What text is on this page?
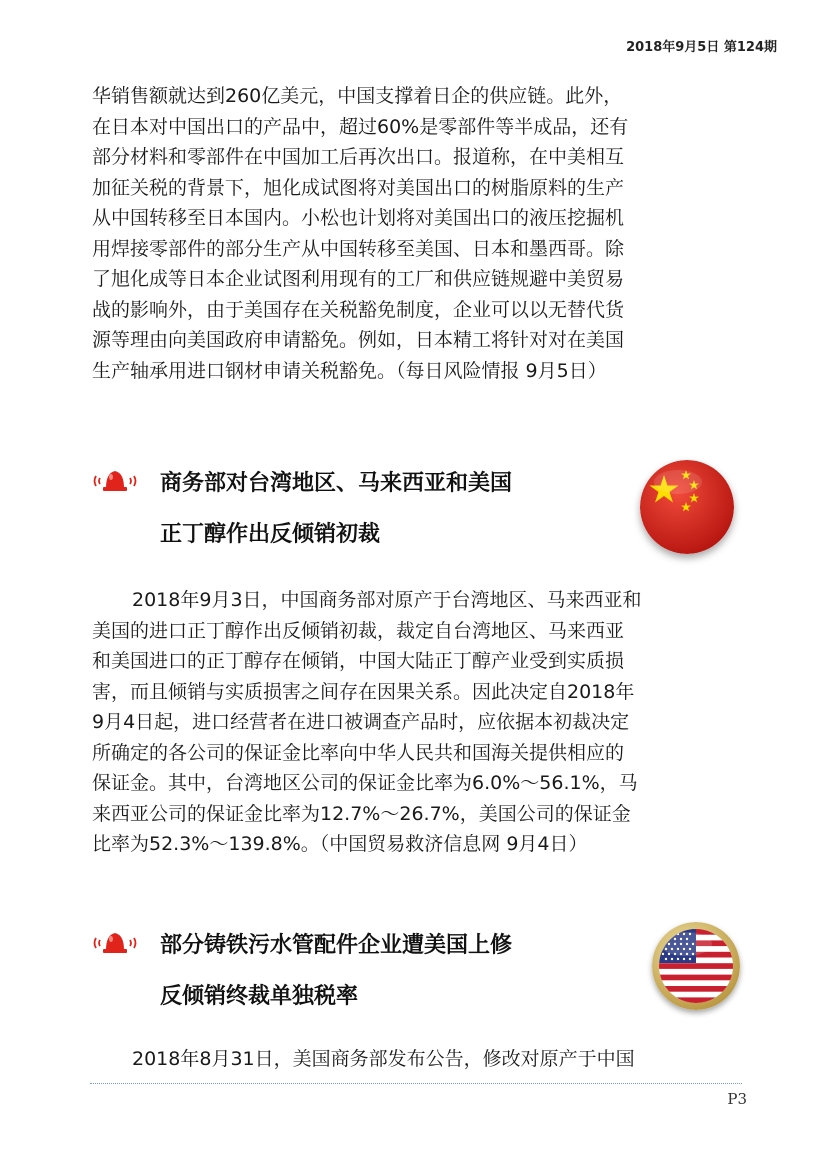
2018年9月5日 第124期
华销售额就达到260亿美元，中国支撑着日企的供应链。此外，
在日本对中国出口的产品中，超过60%是零部件等半成品，还有
部分材料和零部件在中国加工后再次出口。报道称，在中美相互
加征关税的背景下，旭化成试图将对美国出口的树脂原料的生产
从中国转移至日本国内。小松也计划将对美国出口的液压挖掘机
用焊接零部件的部分生产从中国转移至美国、日本和墨西哥。除
了旭化成等日本企业试图利用现有的工厂和供应链规避中美贸易
战的影响外，由于美国存在关税豁免制度，企业可以以无替代货
源等理由向美国政府申请豁免。例如，日本精工将针对对在美国
生产轴承用进口钢材申请关税豁免。（每日风险情报 9月5日）
商务部对台湾地区、马来西亚和美国
正丁醇作出反倾销初裁
2018年9月3日，中国商务部对原产于台湾地区、马来西亚和
美国的进口正丁醇作出反倾销初裁，裁定自台湾地区、马来西亚
和美国进口的正丁醇存在倾销，中国大陆正丁醇产业受到实质损
害，而且倾销与实质损害之间存在因果关系。因此决定自2018年
9月4日起，进口经营者在进口被调查产品时，应依据本初裁决定
所确定的各公司的保证金比率向中华人民共和国海关提供相应的
保证金。其中，台湾地区公司的保证金比率为6.0%～56.1%，马
来西亚公司的保证金比率为12.7%～26.7%，美国公司的保证金
比率为52.3%～139.8%。（中国贸易救济信息网 9月4日）
部分铸铁污水管配件企业遭美国上修
反倾销终裁单独税率
2018年8月31日，美国商务部发布公告，修改对原产于中国
P3
